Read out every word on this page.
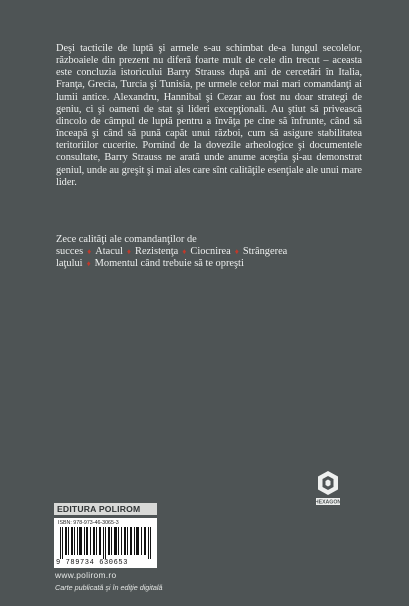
Deşi tacticile de luptă şi armele s-au schimbat de-a lungul secolelor, războaiele din prezent nu diferă foarte mult de cele din trecut – aceasta este concluzia istoricului Barry Strauss după ani de cercetări în Italia, Franţa, Grecia, Turcia şi Tunisia, pe urmele celor mai mari comandanţi ai lumii antice. Alexandru, Hannibal şi Cezar au fost nu doar strategi de geniu, ci şi oameni de stat şi lideri excepţionali. Au ştiut să privească dincolo de câmpul de luptă pentru a învăţa pe cine să înfrunte, când să înceapă şi când să pună capăt unui război, cum să asigure stabilitatea teritoriilor cucerite. Pornind de la dovezile arheologice şi documentele consultate, Barry Strauss ne arată unde anume aceştia şi-au demonstrat geniul, unde au greşit şi mai ales care sînt calităţile esenţiale ale unui mare lider.

Zece calităţi ale comandanţilor de succes ♦ Atacul ♦ Rezistenţa ♦ Ciocnirea ♦ Strângerea laţului ♦ Momentul când trebuie să te opreşti

HEXAGON
EDITURA POLIROM
ISBN: 978-973-46-3065-3
9 789734 630653
www.polirom.ro
Carte publicată şi în ediţie digitală
